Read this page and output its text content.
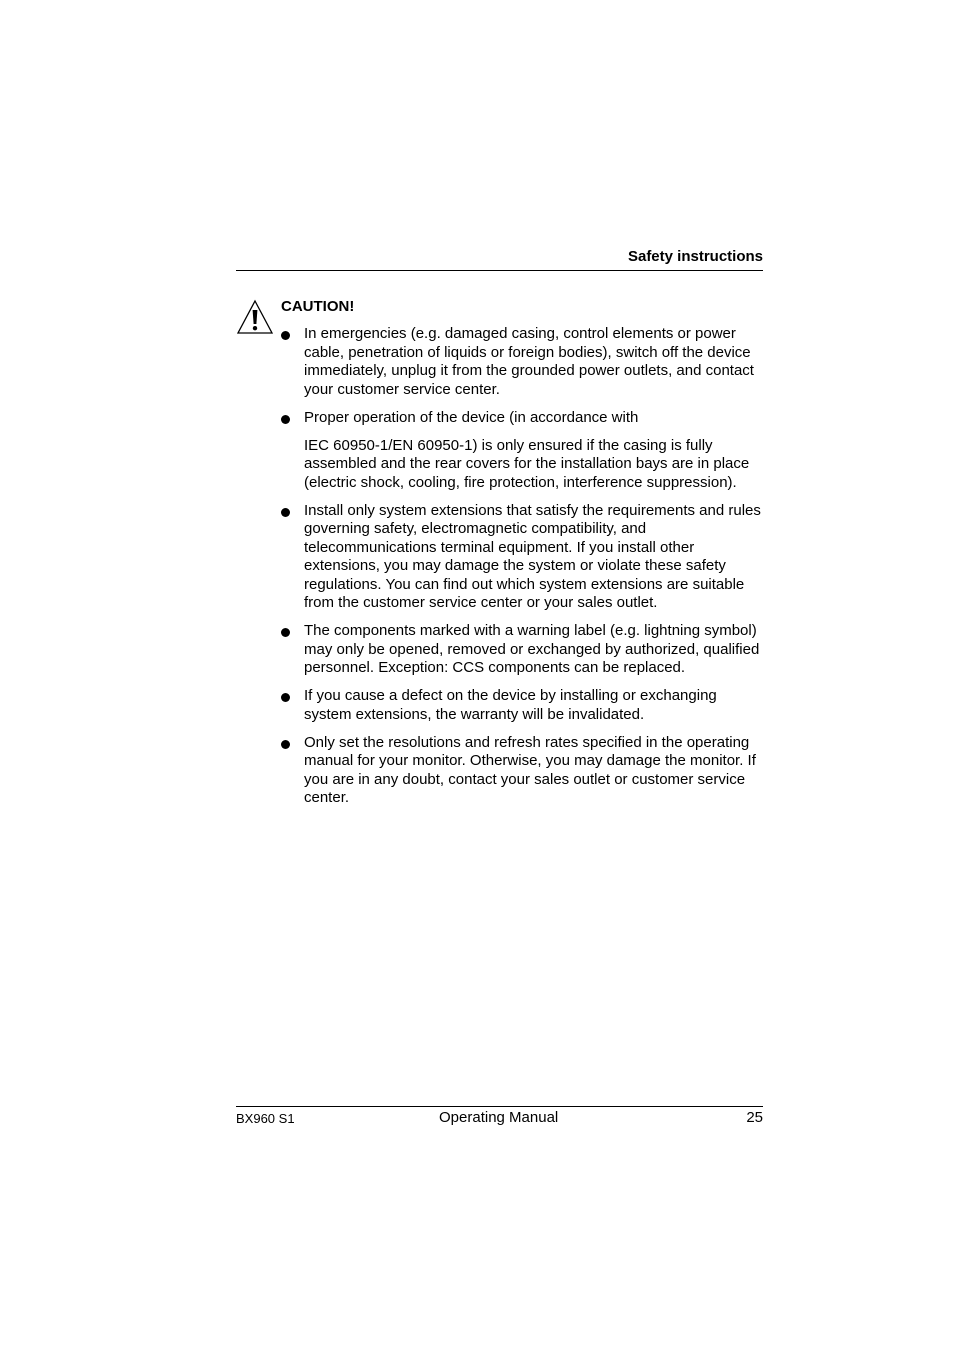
Safety instructions
CAUTION!

In emergencies (e.g. damaged casing, control elements or power cable, penetration of liquids or foreign bodies), switch off the device immediately, unplug it from the grounded power outlets, and contact your customer service center.

Proper operation of the device (in accordance with

IEC 60950-1/EN 60950-1) is only ensured if the casing is fully assembled and the rear covers for the installation bays are in place (electric shock, cooling, fire protection, interference suppression).

Install only system extensions that satisfy the requirements and rules governing safety, electromagnetic compatibility, and telecommunications terminal equipment. If you install other extensions, you may damage the system or violate these safety regulations. You can find out which system extensions are suitable from the customer service center or your sales outlet.

The components marked with a warning label (e.g. lightning symbol) may only be opened, removed or exchanged by authorized, qualified personnel. Exception: CCS components can be replaced.

If you cause a defect on the device by installing or exchanging system extensions, the warranty will be invalidated.

Only set the resolutions and refresh rates specified in the operating manual for your monitor. Otherwise, you may damage the monitor. If you are in any doubt, contact your sales outlet or customer service center.

BX960 S1	Operating Manual	25
